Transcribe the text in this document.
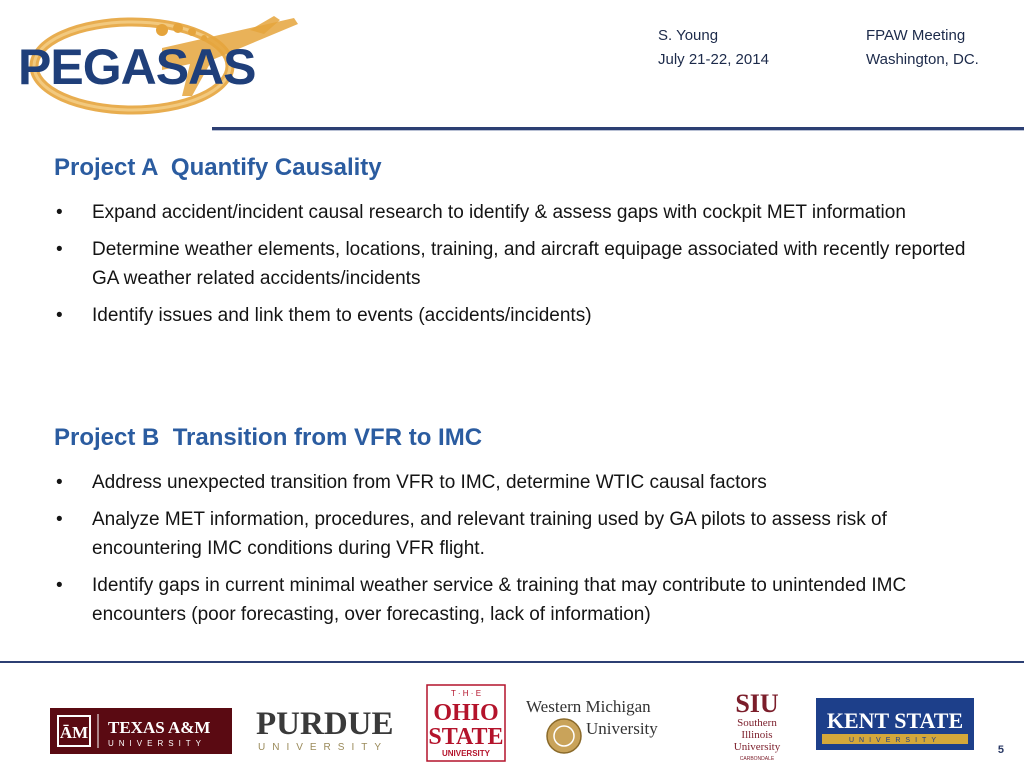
PEGASAS
S. Young
July 21-22, 2014
FPAW Meeting
Washington, DC.
Project A  Quantify Causality
• Expand accident/incident causal research to identify & assess gaps with cockpit MET information
• Determine weather elements, locations, training, and aircraft equipage associated with recently reported GA weather related accidents/incidents
• Identify issues and link them to events (accidents/incidents)
Project B  Transition from VFR to IMC
• Address unexpected transition from VFR to IMC, determine WTIC causal factors
• Analyze MET information, procedures, and relevant training used by GA pilots to assess risk of encountering IMC conditions during VFR flight.
• Identify gaps in current minimal weather service & training that may contribute to unintended IMC encounters (poor forecasting, over forecasting, lack of information)
ĀM TEXAS A&M
UNIVERSITY
PURDUE
UNIVERSITY
T · H · E
OHIO
STATE
UNIVERSITY
Western Michigan
University
SIU
Southern
Illinois
University
CARBONDALE
KENT STATE
UNIVERSITY
5
